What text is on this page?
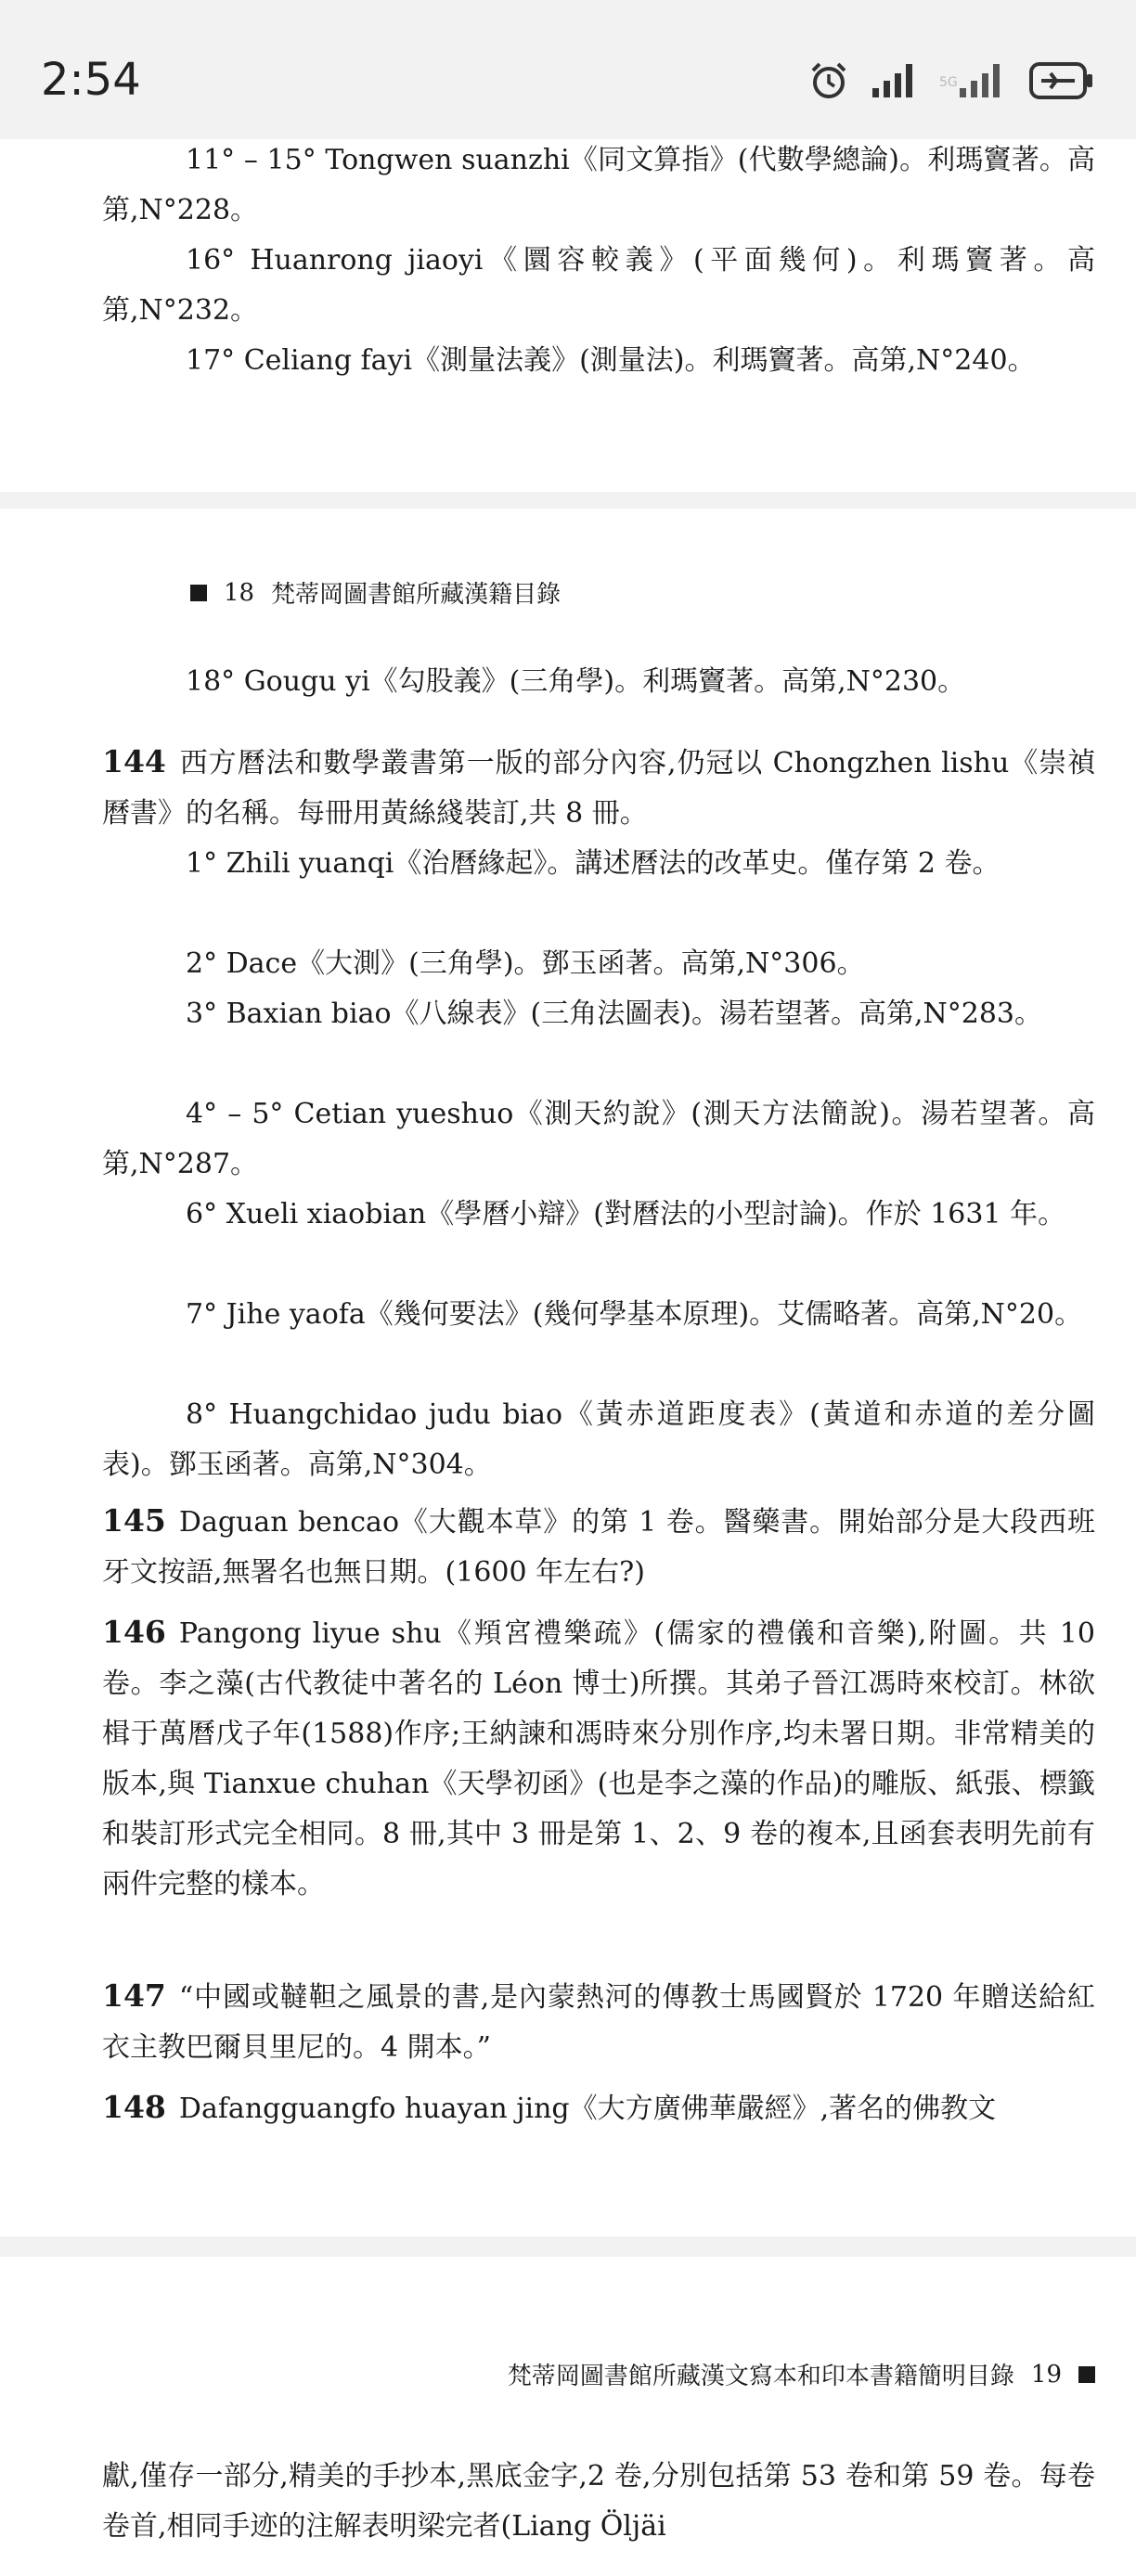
2:54	5G

11° – 15° Tongwen suanzhi《同文算指》(代數學總論)。利瑪竇著。高第,N°228。

16° Huanrong jiaoyi《圜容較義》(平面幾何)。利瑪竇著。高第,N°232。

17° Celiang fayi《測量法義》(測量法)。利瑪竇著。高第,N°240。

18 梵蒂岡圖書館所藏漢籍目錄

18° Gougu yi《勾股義》(三角學)。利瑪竇著。高第,N°230。

144 西方曆法和數學叢書第一版的部分內容,仍冠以 Chongzhen lishu《崇禎曆書》的名稱。每冊用黃絲綫裝訂,共 8 冊。

1° Zhili yuanqi《治曆緣起》。講述曆法的改革史。僅存第 2 卷。

2° Dace《大測》(三角學)。鄧玉函著。高第,N°306。

3° Baxian biao《八線表》(三角法圖表)。湯若望著。高第,N°283。

4° – 5° Cetian yueshuo《測天約說》(測天方法簡說)。湯若望著。高第,N°287。

6° Xueli xiaobian《學曆小辯》(對曆法的小型討論)。作於 1631 年。

7° Jihe yaofa《幾何要法》(幾何學基本原理)。艾儒略著。高第,N°20。

8° Huangchidao judu biao《黃赤道距度表》(黃道和赤道的差分圖表)。鄧玉函著。高第,N°304。

145 Daguan bencao《大觀本草》的第 1 卷。醫藥書。開始部分是大段西班牙文按語,無署名也無日期。(1600 年左右?)

146 Pangong liyue shu《頖宮禮樂疏》(儒家的禮儀和音樂),附圖。共 10 卷。李之藻(古代教徒中著名的 Léon 博士)所撰。其弟子晉江馮時來校訂。林欲楫于萬曆戊子年(1588)作序;王納諫和馮時來分別作序,均未署日期。非常精美的版本,與 Tianxue chuhan《天學初函》(也是李之藻的作品)的雕版、紙張、標籤和裝訂形式完全相同。8 冊,其中 3 冊是第 1、2、9 卷的複本,且函套表明先前有兩件完整的樣本。

147 “中國或韃靼之風景的書,是內蒙熱河的傳教士馬國賢於 1720 年贈送給紅衣主教巴爾貝里尼的。4 開本。”

148 Dafangguangfo huayan jing《大方廣佛華嚴經》,著名的佛教文

梵蒂岡圖書館所藏漢文寫本和印本書籍簡明目錄 19

獻,僅存一部分,精美的手抄本,黑底金字,2 卷,分別包括第 53 卷和第 59 卷。每卷卷首,相同手迹的注解表明梁完者(Liang Öljäi
